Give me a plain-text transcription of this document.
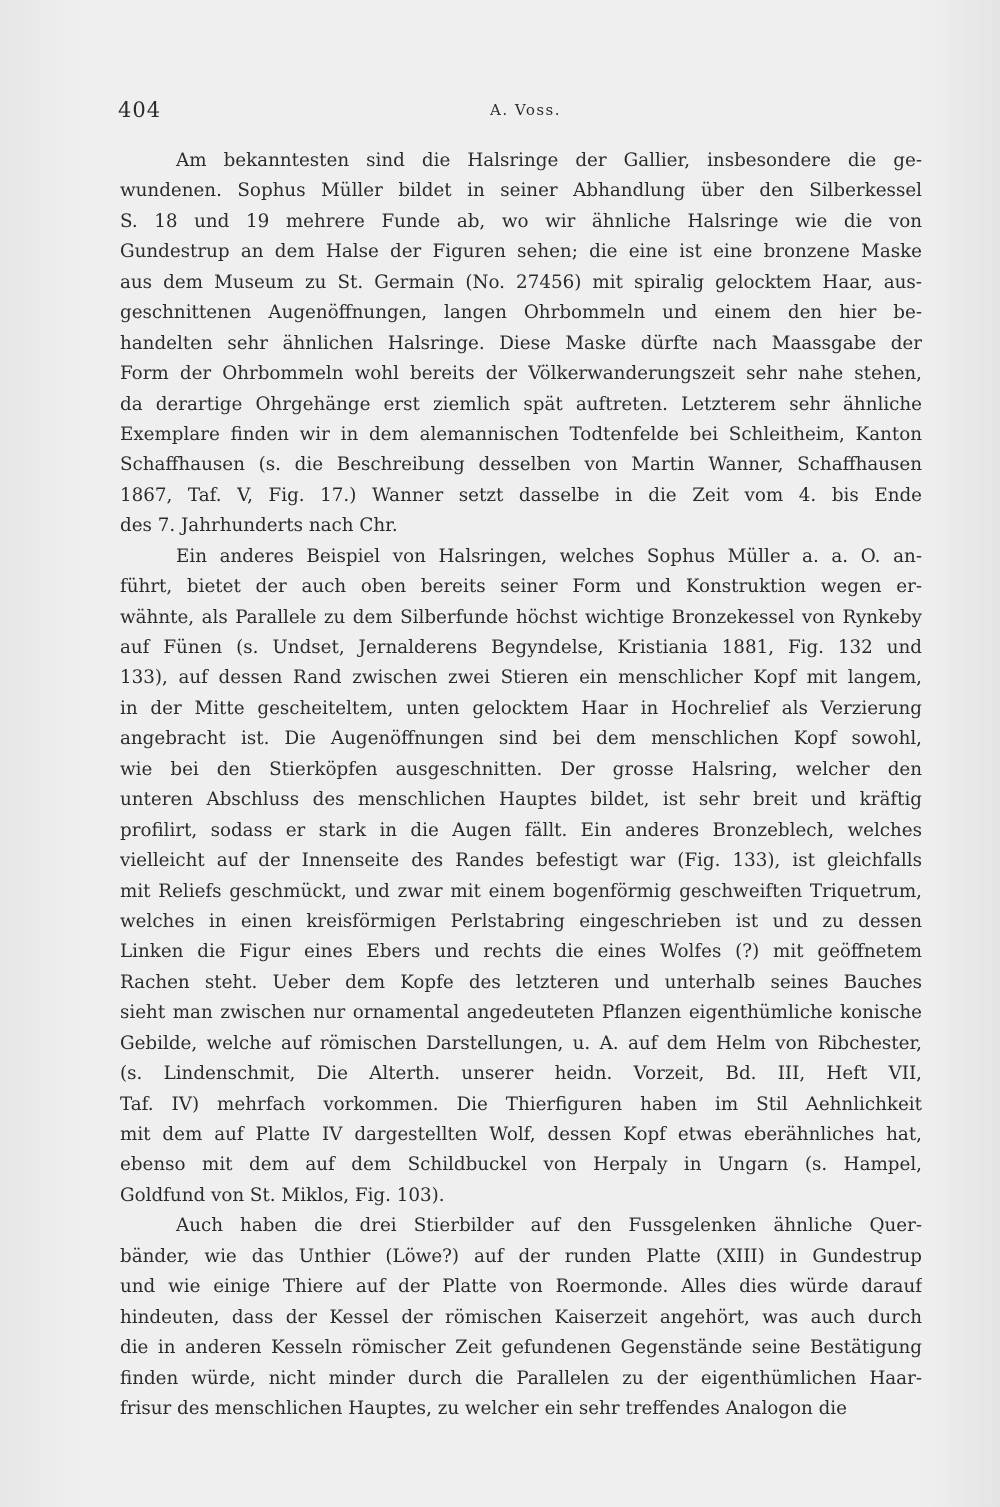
404	A. Voss.
Am bekanntesten sind die Halsringe der Gallier, insbesondere die ge-
wundenen. Sophus Müller bildet in seiner Abhandlung über den Silberkessel
S. 18 und 19 mehrere Funde ab, wo wir ähnliche Halsringe wie die von
Gundestrup an dem Halse der Figuren sehen; die eine ist eine bronzene Maske
aus dem Museum zu St. Germain (No. 27456) mit spiralig gelocktem Haar, aus-
geschnittenen Augenöffnungen, langen Ohrbommeln und einem den hier be-
handelten sehr ähnlichen Halsringe. Diese Maske dürfte nach Maassgabe der
Form der Ohrbommeln wohl bereits der Völkerwanderungszeit sehr nahe stehen,
da derartige Ohrgehänge erst ziemlich spät auftreten. Letzterem sehr ähnliche
Exemplare finden wir in dem alemannischen Todtenfelde bei Schleitheim, Kanton
Schaffhausen (s. die Beschreibung desselben von Martin Wanner, Schaffhausen
1867, Taf. V, Fig. 17.) Wanner setzt dasselbe in die Zeit vom 4. bis Ende
des 7. Jahrhunderts nach Chr.
Ein anderes Beispiel von Halsringen, welches Sophus Müller a. a. O. an-
führt, bietet der auch oben bereits seiner Form und Konstruktion wegen er-
wähnte, als Parallele zu dem Silberfunde höchst wichtige Bronzekessel von Rynkeby
auf Fünen (s. Undset, Jernalderens Begyndelse, Kristiania 1881, Fig. 132 und
133), auf dessen Rand zwischen zwei Stieren ein menschlicher Kopf mit langem,
in der Mitte gescheiteltem, unten gelocktem Haar in Hochrelief als Verzierung
angebracht ist. Die Augenöffnungen sind bei dem menschlichen Kopf sowohl,
wie bei den Stierköpfen ausgeschnitten. Der grosse Halsring, welcher den
unteren Abschluss des menschlichen Hauptes bildet, ist sehr breit und kräftig
profilirt, sodass er stark in die Augen fällt. Ein anderes Bronzeblech, welches
vielleicht auf der Innenseite des Randes befestigt war (Fig. 133), ist gleichfalls
mit Reliefs geschmückt, und zwar mit einem bogenförmig geschweiften Triquetrum,
welches in einen kreisförmigen Perlstabring eingeschrieben ist und zu dessen
Linken die Figur eines Ebers und rechts die eines Wolfes (?) mit geöffnetem
Rachen steht. Ueber dem Kopfe des letzteren und unterhalb seines Bauches
sieht man zwischen nur ornamental angedeuteten Pflanzen eigenthümliche konische
Gebilde, welche auf römischen Darstellungen, u. A. auf dem Helm von Ribchester,
(s. Lindenschmit, Die Alterth. unserer heidn. Vorzeit, Bd. III, Heft VII,
Taf. IV) mehrfach vorkommen. Die Thierfiguren haben im Stil Aehnlichkeit
mit dem auf Platte IV dargestellten Wolf, dessen Kopf etwas eberähnliches hat,
ebenso mit dem auf dem Schildbuckel von Herpaly in Ungarn (s. Hampel,
Goldfund von St. Miklos, Fig. 103).
Auch haben die drei Stierbilder auf den Fussgelenken ähnliche Quer-
bänder, wie das Unthier (Löwe?) auf der runden Platte (XIII) in Gundestrup
und wie einige Thiere auf der Platte von Roermonde. Alles dies würde darauf
hindeuten, dass der Kessel der römischen Kaiserzeit angehört, was auch durch
die in anderen Kesseln römischer Zeit gefundenen Gegenstände seine Bestätigung
finden würde, nicht minder durch die Parallelen zu der eigenthümlichen Haar-
frisur des menschlichen Hauptes, zu welcher ein sehr treffendes Analogon die
